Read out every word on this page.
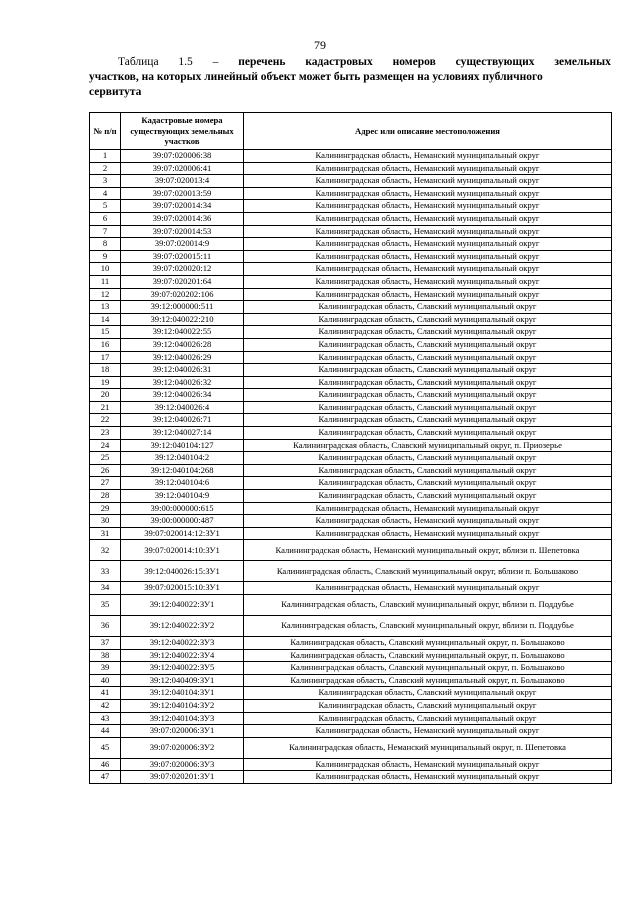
79
Таблица 1.5 – перечень кадастровых номеров существующих земельных
участков, на которых линейный объект может быть размещен на условиях публичного
сервитута
№ п/п	Кадастровые номера существующих земельных участков	Адрес или описание местоположения
1	39:07:020006:38	Калининградская область, Неманский муниципальный округ
2	39:07:020006:41	Калининградская область, Неманский муниципальный округ
3	39:07:020013:4	Калининградская область, Неманский муниципальный округ
4	39:07:020013:59	Калининградская область, Неманский муниципальный округ
5	39:07:020014:34	Калининградская область, Неманский муниципальный округ
6	39:07:020014:36	Калининградская область, Неманский муниципальный округ
7	39:07:020014:53	Калининградская область, Неманский муниципальный округ
8	39:07:020014:9	Калининградская область, Неманский муниципальный округ
9	39:07:020015:11	Калининградская область, Неманский муниципальный округ
10	39:07:020020:12	Калининградская область, Неманский муниципальный округ
11	39:07:020201:64	Калининградская область, Неманский муниципальный округ
12	39:07:020202:106	Калининградская область, Неманский муниципальный округ
13	39:12:000000:511	Калининградская область, Славский муниципальный округ
14	39:12:040022:210	Калининградская область, Славский муниципальный округ
15	39:12:040022:55	Калининградская область, Славский муниципальный округ
16	39:12:040026:28	Калининградская область, Славский муниципальный округ
17	39:12:040026:29	Калининградская область, Славский муниципальный округ
18	39:12:040026:31	Калининградская область, Славский муниципальный округ
19	39:12:040026:32	Калининградская область, Славский муниципальный округ
20	39:12:040026:34	Калининградская область, Славский муниципальный округ
21	39:12:040026:4	Калининградская область, Славский муниципальный округ
22	39:12:040026:71	Калининградская область, Славский муниципальный округ
23	39:12:040027:14	Калининградская область, Славский муниципальный округ
24	39:12:040104:127	Калининградская область, Славский муниципальный округ, п. Приозерье
25	39:12:040104:2	Калининградская область, Славский муниципальный округ
26	39:12:040104:268	Калининградская область, Славский муниципальный округ
27	39:12:040104:6	Калининградская область, Славский муниципальный округ
28	39:12:040104:9	Калининградская область, Славский муниципальный округ
29	39:00:000000:615	Калининградская область, Неманский муниципальный округ
30	39:00:000000:487	Калининградская область, Неманский муниципальный округ
31	39:07:020014:12:ЗУ1	Калининградская область, Неманский муниципальный округ
32	39:07:020014:10:ЗУ1	Калининградская область, Неманский муниципальный округ, вблизи п. Шепетовка
33	39:12:040026:15:ЗУ1	Калининградская область, Славский муниципальный округ, вблизи п. Большаково
34	39:07:020015:10:ЗУ1	Калининградская область, Неманский муниципальный округ
35	39:12:040022:ЗУ1	Калининградская область, Славский муниципальный округ, вблизи п. Поддубье
36	39:12:040022:ЗУ2	Калининградская область, Славский муниципальный округ, вблизи п. Поддубье
37	39:12:040022:ЗУ3	Калининградская область, Славский муниципальный округ, п. Большаково
38	39:12:040022:ЗУ4	Калининградская область, Славский муниципальный округ, п. Большаково
39	39:12:040022:ЗУ5	Калининградская область, Славский муниципальный округ, п. Большаково
40	39:12:040409:ЗУ1	Калининградская область, Славский муниципальный округ, п. Большаково
41	39:12:040104:ЗУ1	Калининградская область, Славский муниципальный округ
42	39:12:040104:ЗУ2	Калининградская область, Славский муниципальный округ
43	39:12:040104:ЗУ3	Калининградская область, Славский муниципальный округ
44	39:07:020006:ЗУ1	Калининградская область, Неманский муниципальный округ
45	39:07:020006:ЗУ2	Калининградская область, Неманский муниципальный округ, п. Шепетовка
46	39:07:020006:ЗУ3	Калининградская область, Неманский муниципальный округ
47	39:07:020201:ЗУ1	Калининградская область, Неманский муниципальный округ
